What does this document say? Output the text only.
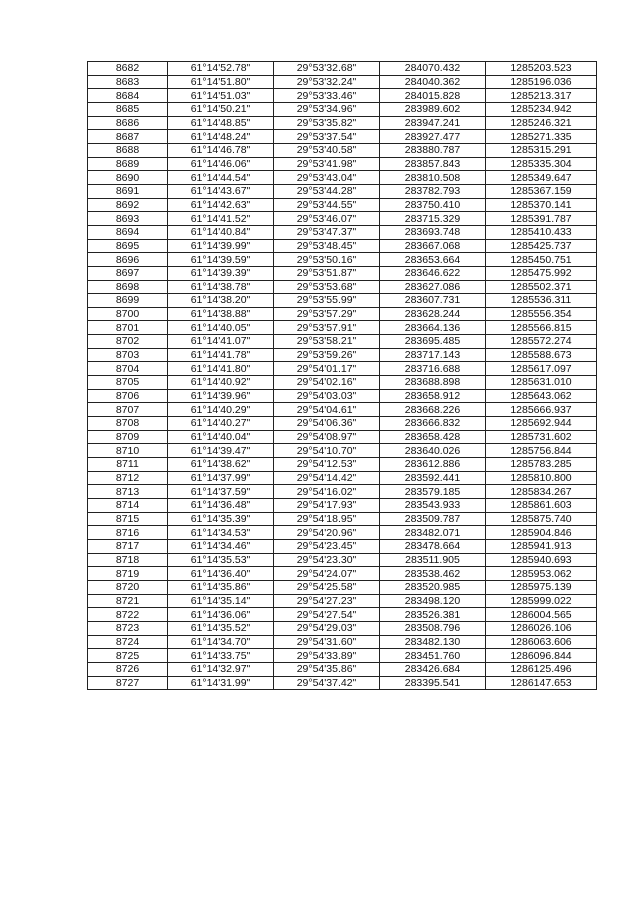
8682	61°14'52.78"	29°53'32.68"	284070.432	1285203.523
8683	61°14'51.80"	29°53'32.24"	284040.362	1285196.036
8684	61°14'51.03"	29°53'33.46"	284015.828	1285213.317
8685	61°14'50.21"	29°53'34.96"	283989.602	1285234.942
8686	61°14'48.85"	29°53'35.82"	283947.241	1285246.321
8687	61°14'48.24"	29°53'37.54"	283927.477	1285271.335
8688	61°14'46.78"	29°53'40.58"	283880.787	1285315.291
8689	61°14'46.06"	29°53'41.98"	283857.843	1285335.304
8690	61°14'44.54"	29°53'43.04"	283810.508	1285349.647
8691	61°14'43.67"	29°53'44.28"	283782.793	1285367.159
8692	61°14'42.63"	29°53'44.55"	283750.410	1285370.141
8693	61°14'41.52"	29°53'46.07"	283715.329	1285391.787
8694	61°14'40.84"	29°53'47.37"	283693.748	1285410.433
8695	61°14'39.99"	29°53'48.45"	283667.068	1285425.737
8696	61°14'39.59"	29°53'50.16"	283653.664	1285450.751
8697	61°14'39.39"	29°53'51.87"	283646.622	1285475.992
8698	61°14'38.78"	29°53'53.68"	283627.086	1285502.371
8699	61°14'38.20"	29°53'55.99"	283607.731	1285536.311
8700	61°14'38.88"	29°53'57.29"	283628.244	1285556.354
8701	61°14'40.05"	29°53'57.91"	283664.136	1285566.815
8702	61°14'41.07"	29°53'58.21"	283695.485	1285572.274
8703	61°14'41.78"	29°53'59.26"	283717.143	1285588.673
8704	61°14'41.80"	29°54'01.17"	283716.688	1285617.097
8705	61°14'40.92"	29°54'02.16"	283688.898	1285631.010
8706	61°14'39.96"	29°54'03.03"	283658.912	1285643.062
8707	61°14'40.29"	29°54'04.61"	283668.226	1285666.937
8708	61°14'40.27"	29°54'06.36"	283666.832	1285692.944
8709	61°14'40.04"	29°54'08.97"	283658.428	1285731.602
8710	61°14'39.47"	29°54'10.70"	283640.026	1285756.844
8711	61°14'38.62"	29°54'12.53"	283612.886	1285783.285
8712	61°14'37.99"	29°54'14.42"	283592.441	1285810.800
8713	61°14'37.59"	29°54'16.02"	283579.185	1285834.267
8714	61°14'36.48"	29°54'17.93"	283543.933	1285861.603
8715	61°14'35.39"	29°54'18.95"	283509.787	1285875.740
8716	61°14'34.53"	29°54'20.96"	283482.071	1285904.846
8717	61°14'34.46"	29°54'23.45"	283478.664	1285941.913
8718	61°14'35.53"	29°54'23.30"	283511.905	1285940.693
8719	61°14'36.40"	29°54'24.07"	283538.462	1285953.062
8720	61°14'35.86"	29°54'25.58"	283520.985	1285975.139
8721	61°14'35.14"	29°54'27.23"	283498.120	1285999.022
8722	61°14'36.06"	29°54'27.54"	283526.381	1286004.565
8723	61°14'35.52"	29°54'29.03"	283508.796	1286026.106
8724	61°14'34.70"	29°54'31.60"	283482.130	1286063.606
8725	61°14'33.75"	29°54'33.89"	283451.760	1286096.844
8726	61°14'32.97"	29°54'35.86"	283426.684	1286125.496
8727	61°14'31.99"	29°54'37.42"	283395.541	1286147.653
